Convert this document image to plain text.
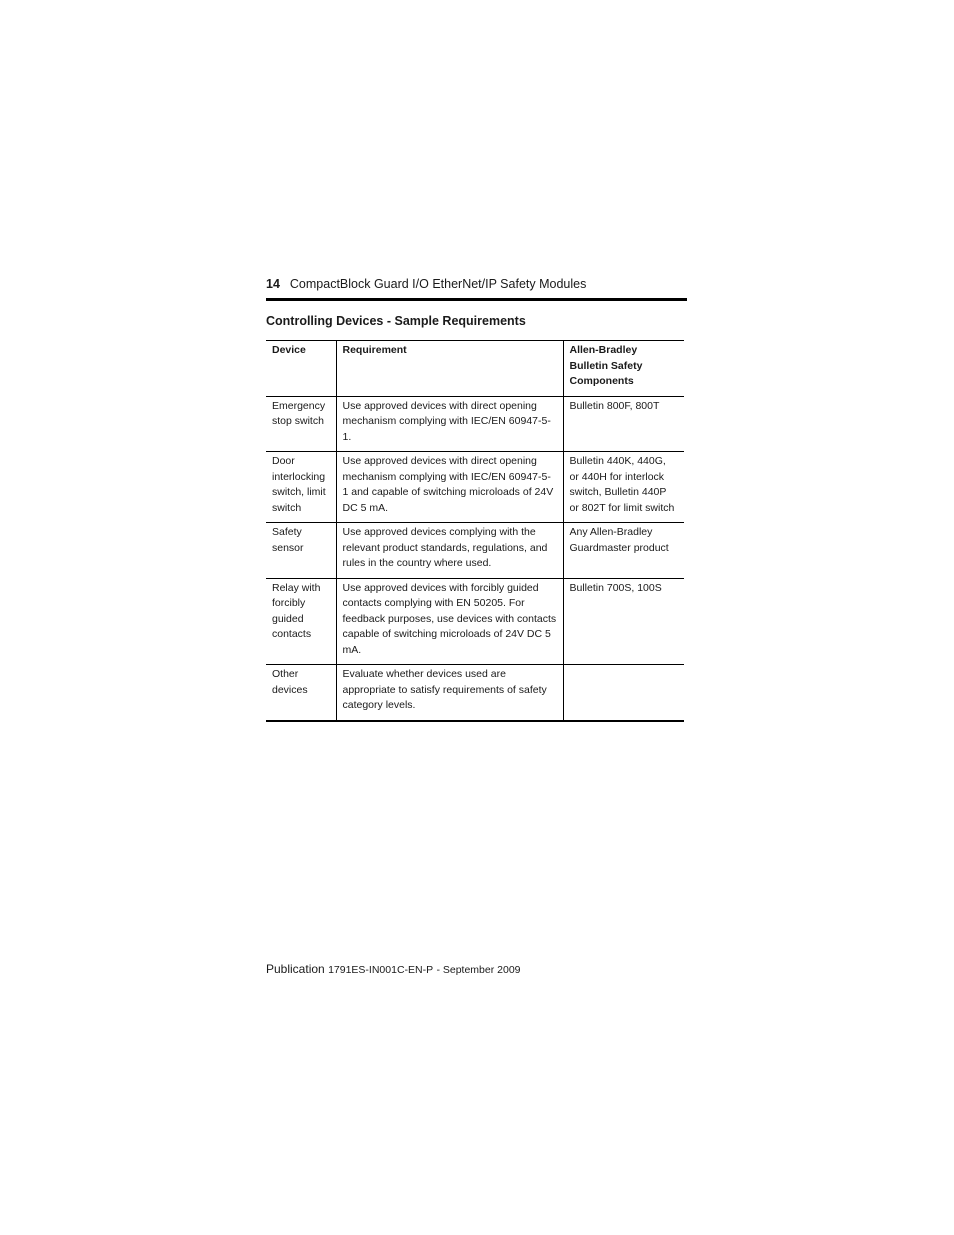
14 CompactBlock Guard I/O EtherNet/IP Safety Modules
Controlling Devices - Sample Requirements
Device	Requirement	Allen-Bradley Bulletin Safety Components
Emergency stop switch	Use approved devices with direct opening mechanism complying with IEC/EN 60947-5-1.	Bulletin 800F, 800T
Door interlocking switch, limit switch	Use approved devices with direct opening mechanism complying with IEC/EN 60947-5-1 and capable of switching microloads of 24V DC 5 mA.	Bulletin 440K, 440G, or 440H for interlock switch, Bulletin 440P or 802T for limit switch
Safety sensor	Use approved devices complying with the relevant product standards, regulations, and rules in the country where used.	Any Allen-Bradley Guardmaster product
Relay with forcibly guided contacts	Use approved devices with forcibly guided contacts complying with EN 50205. For feedback purposes, use devices with contacts capable of switching microloads of 24V DC 5 mA.	Bulletin 700S, 100S
Other devices	Evaluate whether devices used are appropriate to satisfy requirements of safety category levels.	
Publication 1791ES-IN001C-EN-P - September 2009
